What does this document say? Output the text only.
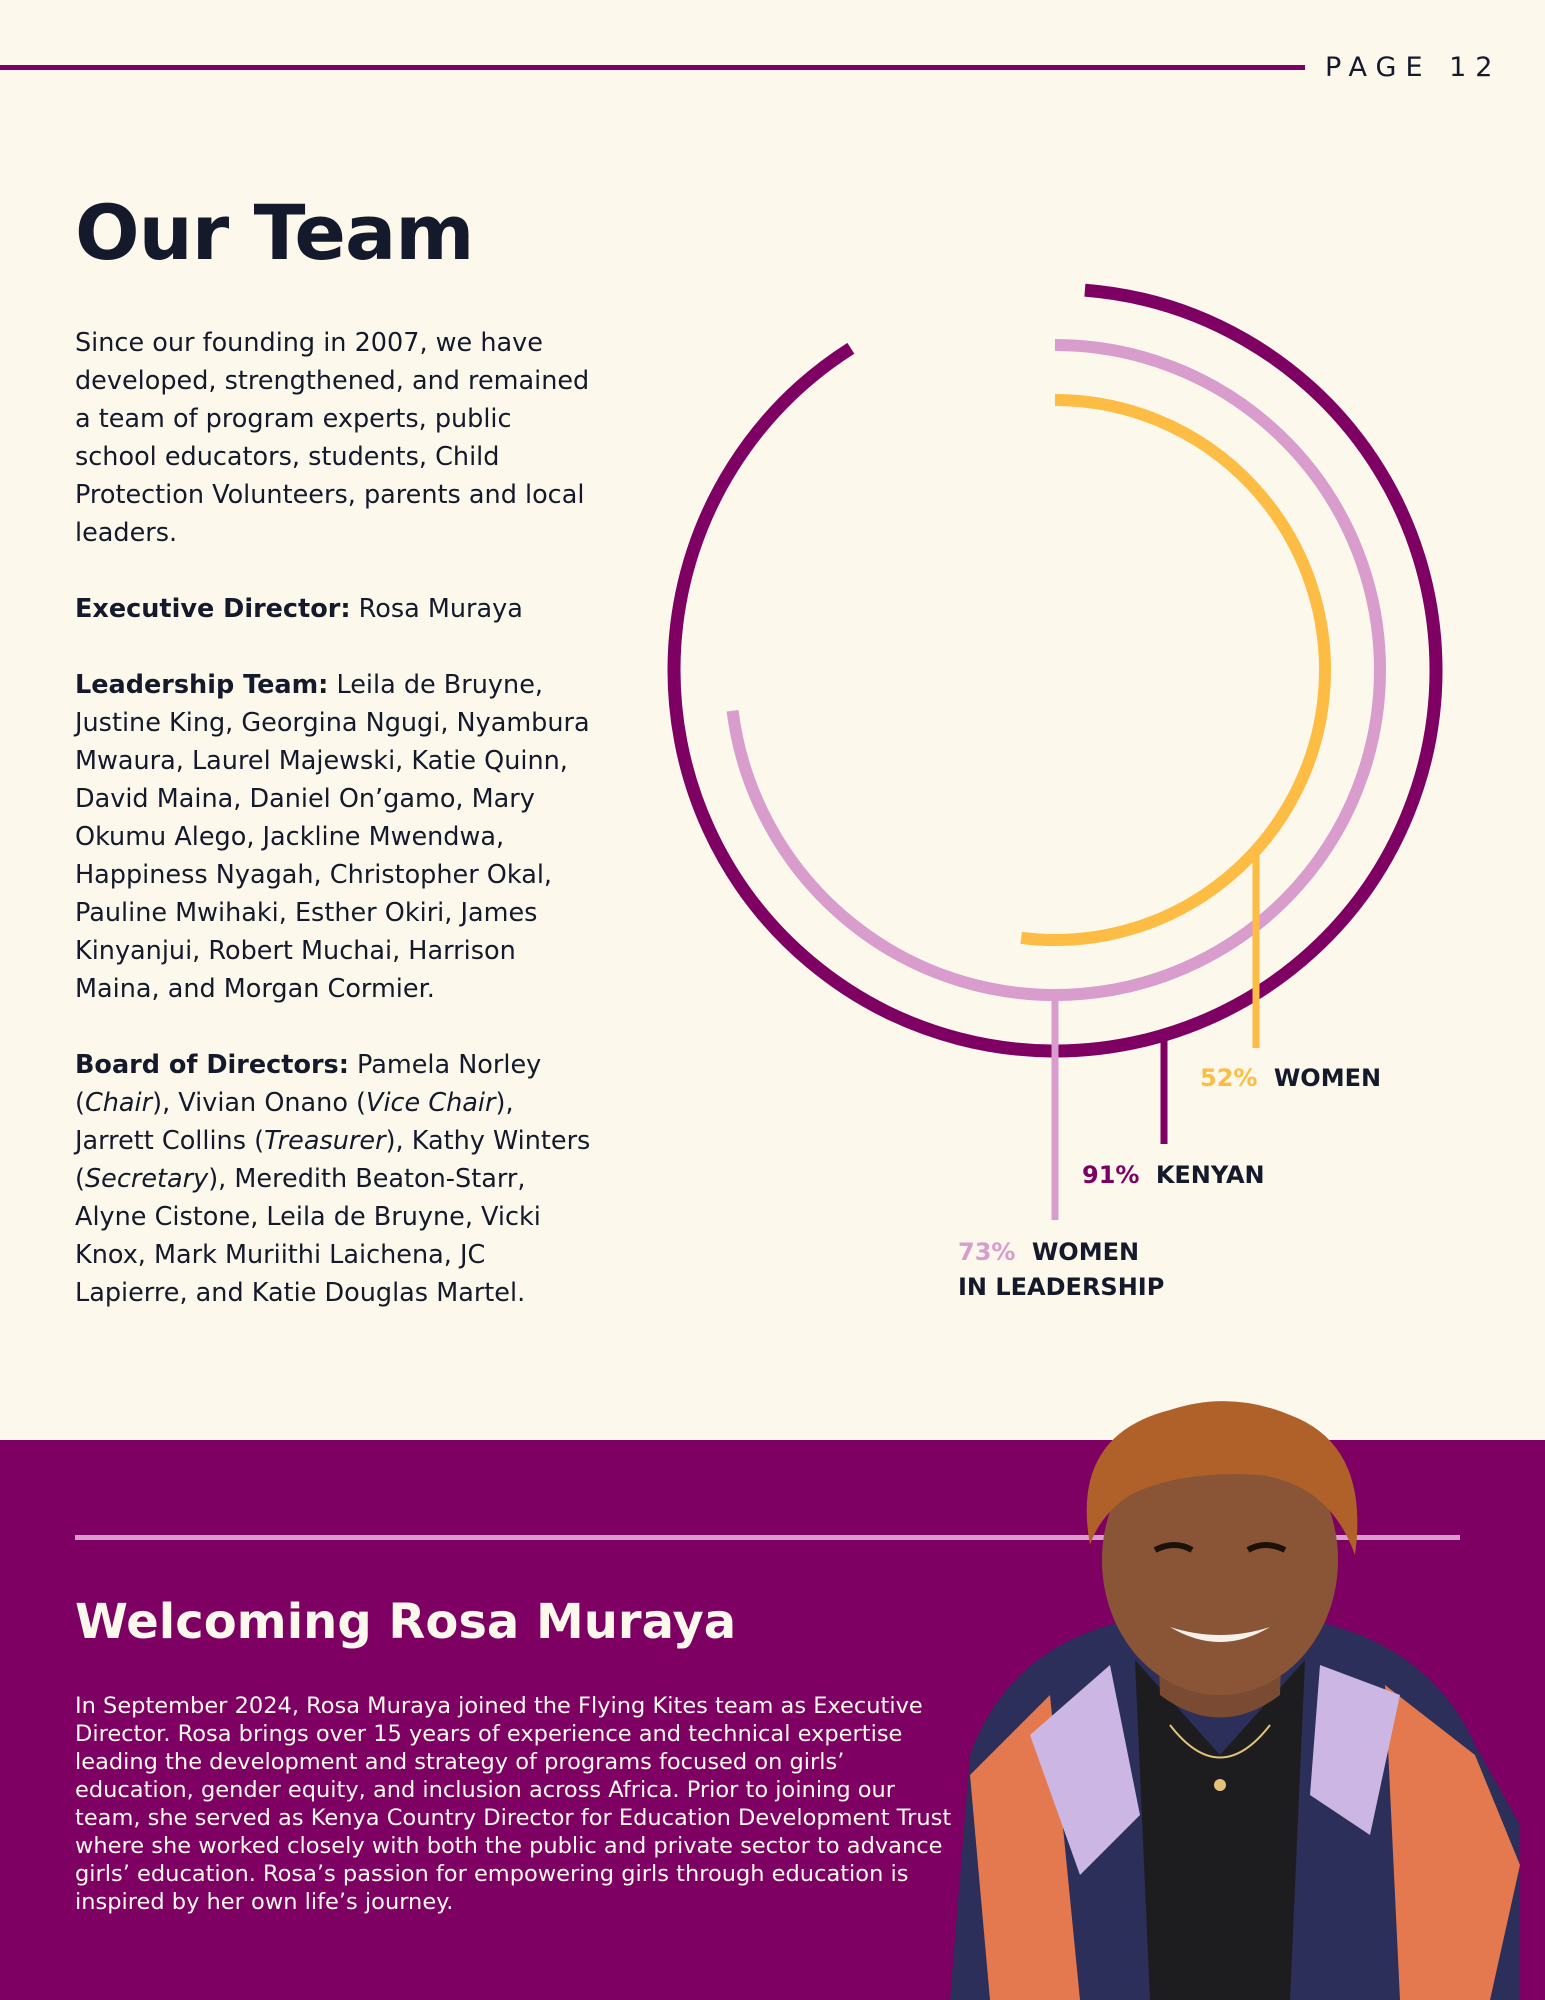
PAGE 12
Our Team

Since our founding in 2007, we have developed, strengthened, and remained a team of program experts, public school educators, students, Child Protection Volunteers, parents and local leaders.

Executive Director: Rosa Muraya

Leadership Team: Leila de Bruyne, Justine King, Georgina Ngugi, Nyambura Mwaura, Laurel Majewski, Katie Quinn, David Maina, Daniel On’gamo, Mary Okumu Alego, Jackline Mwendwa, Happiness Nyagah, Christopher Okal, Pauline Mwihaki, Esther Okiri, James Kinyanjui, Robert Muchai, Harrison Maina, and Morgan Cormier.

Board of Directors: Pamela Norley (Chair), Vivian Onano (Vice Chair), Jarrett Collins (Treasurer), Kathy Winters (Secretary), Meredith Beaton-Starr, Alyne Cistone, Leila de Bruyne, Vicki Knox, Mark Muriithi Laichena, JC Lapierre, and Katie Douglas Martel.

91% KENYAN
73% WOMEN
IN LEADERSHIP
52% WOMEN
Welcoming Rosa Muraya

In September 2024, Rosa Muraya joined the Flying Kites team as Executive Director. Rosa brings over 15 years of experience and technical expertise leading the development and strategy of programs focused on girls’ education, gender equity, and inclusion across Africa. Prior to joining our team, she served as Kenya Country Director for Education Development Trust where she worked closely with both the public and private sector to advance girls’ education. Rosa’s passion for empowering girls through education is inspired by her own life’s journey.
